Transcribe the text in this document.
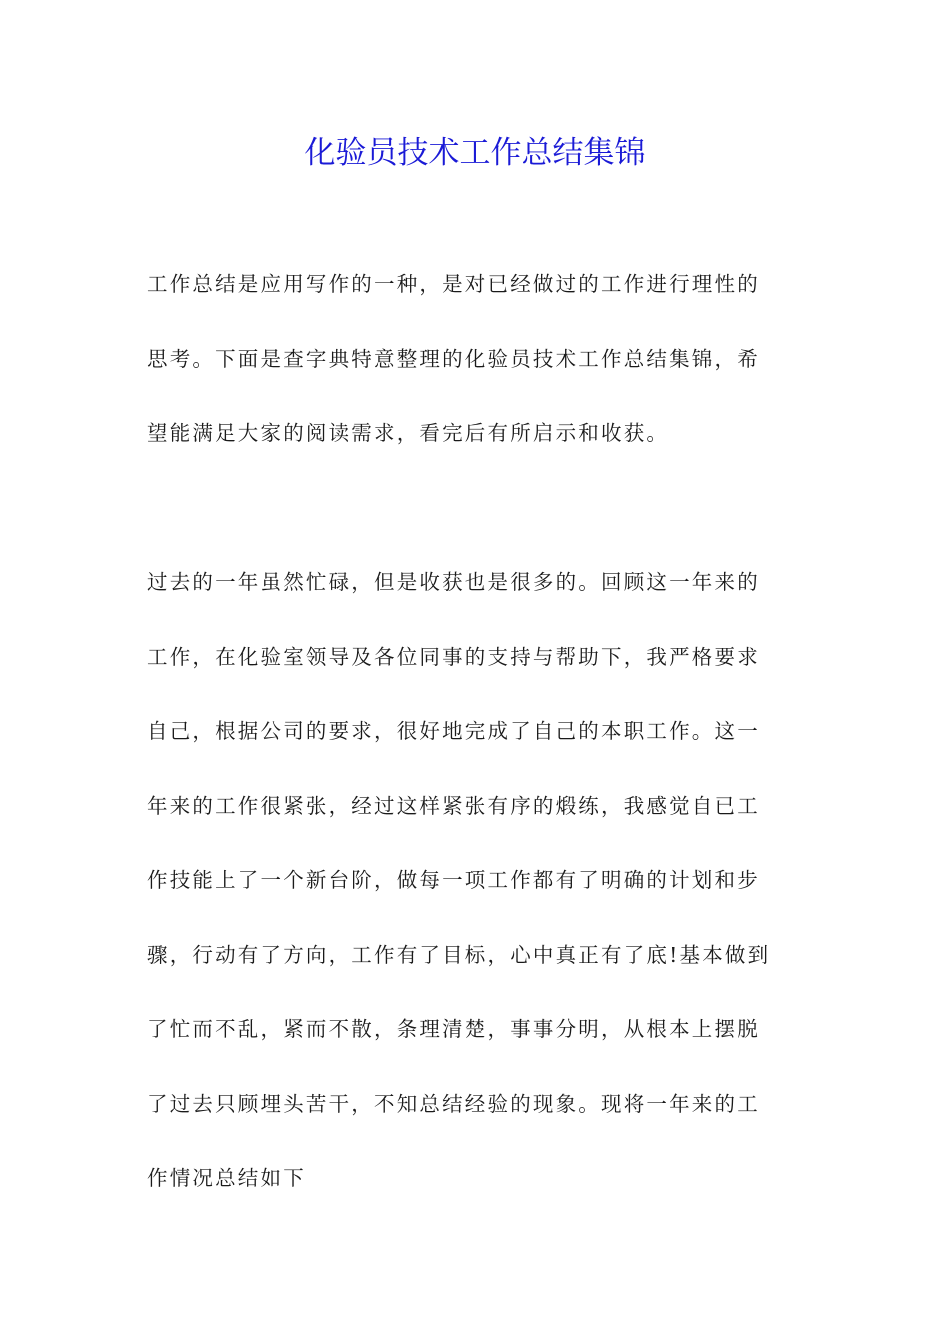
化验员技术工作总结集锦
工作总结是应用写作的一种，是对已经做过的工作进行理性的
思考。下面是查字典特意整理的化验员技术工作总结集锦，希
望能满足大家的阅读需求，看完后有所启示和收获。
过去的一年虽然忙碌，但是收获也是很多的。回顾这一年来的
工作，在化验室领导及各位同事的支持与帮助下，我严格要求
自己，根据公司的要求，很好地完成了自己的本职工作。这一
年来的工作很紧张，经过这样紧张有序的煅练，我感觉自已工
作技能上了一个新台阶，做每一项工作都有了明确的计划和步
骤，行动有了方向，工作有了目标，心中真正有了底!基本做到
了忙而不乱，紧而不散，条理清楚，事事分明，从根本上摆脱
了过去只顾埋头苦干，不知总结经验的现象。现将一年来的工
作情况总结如下
